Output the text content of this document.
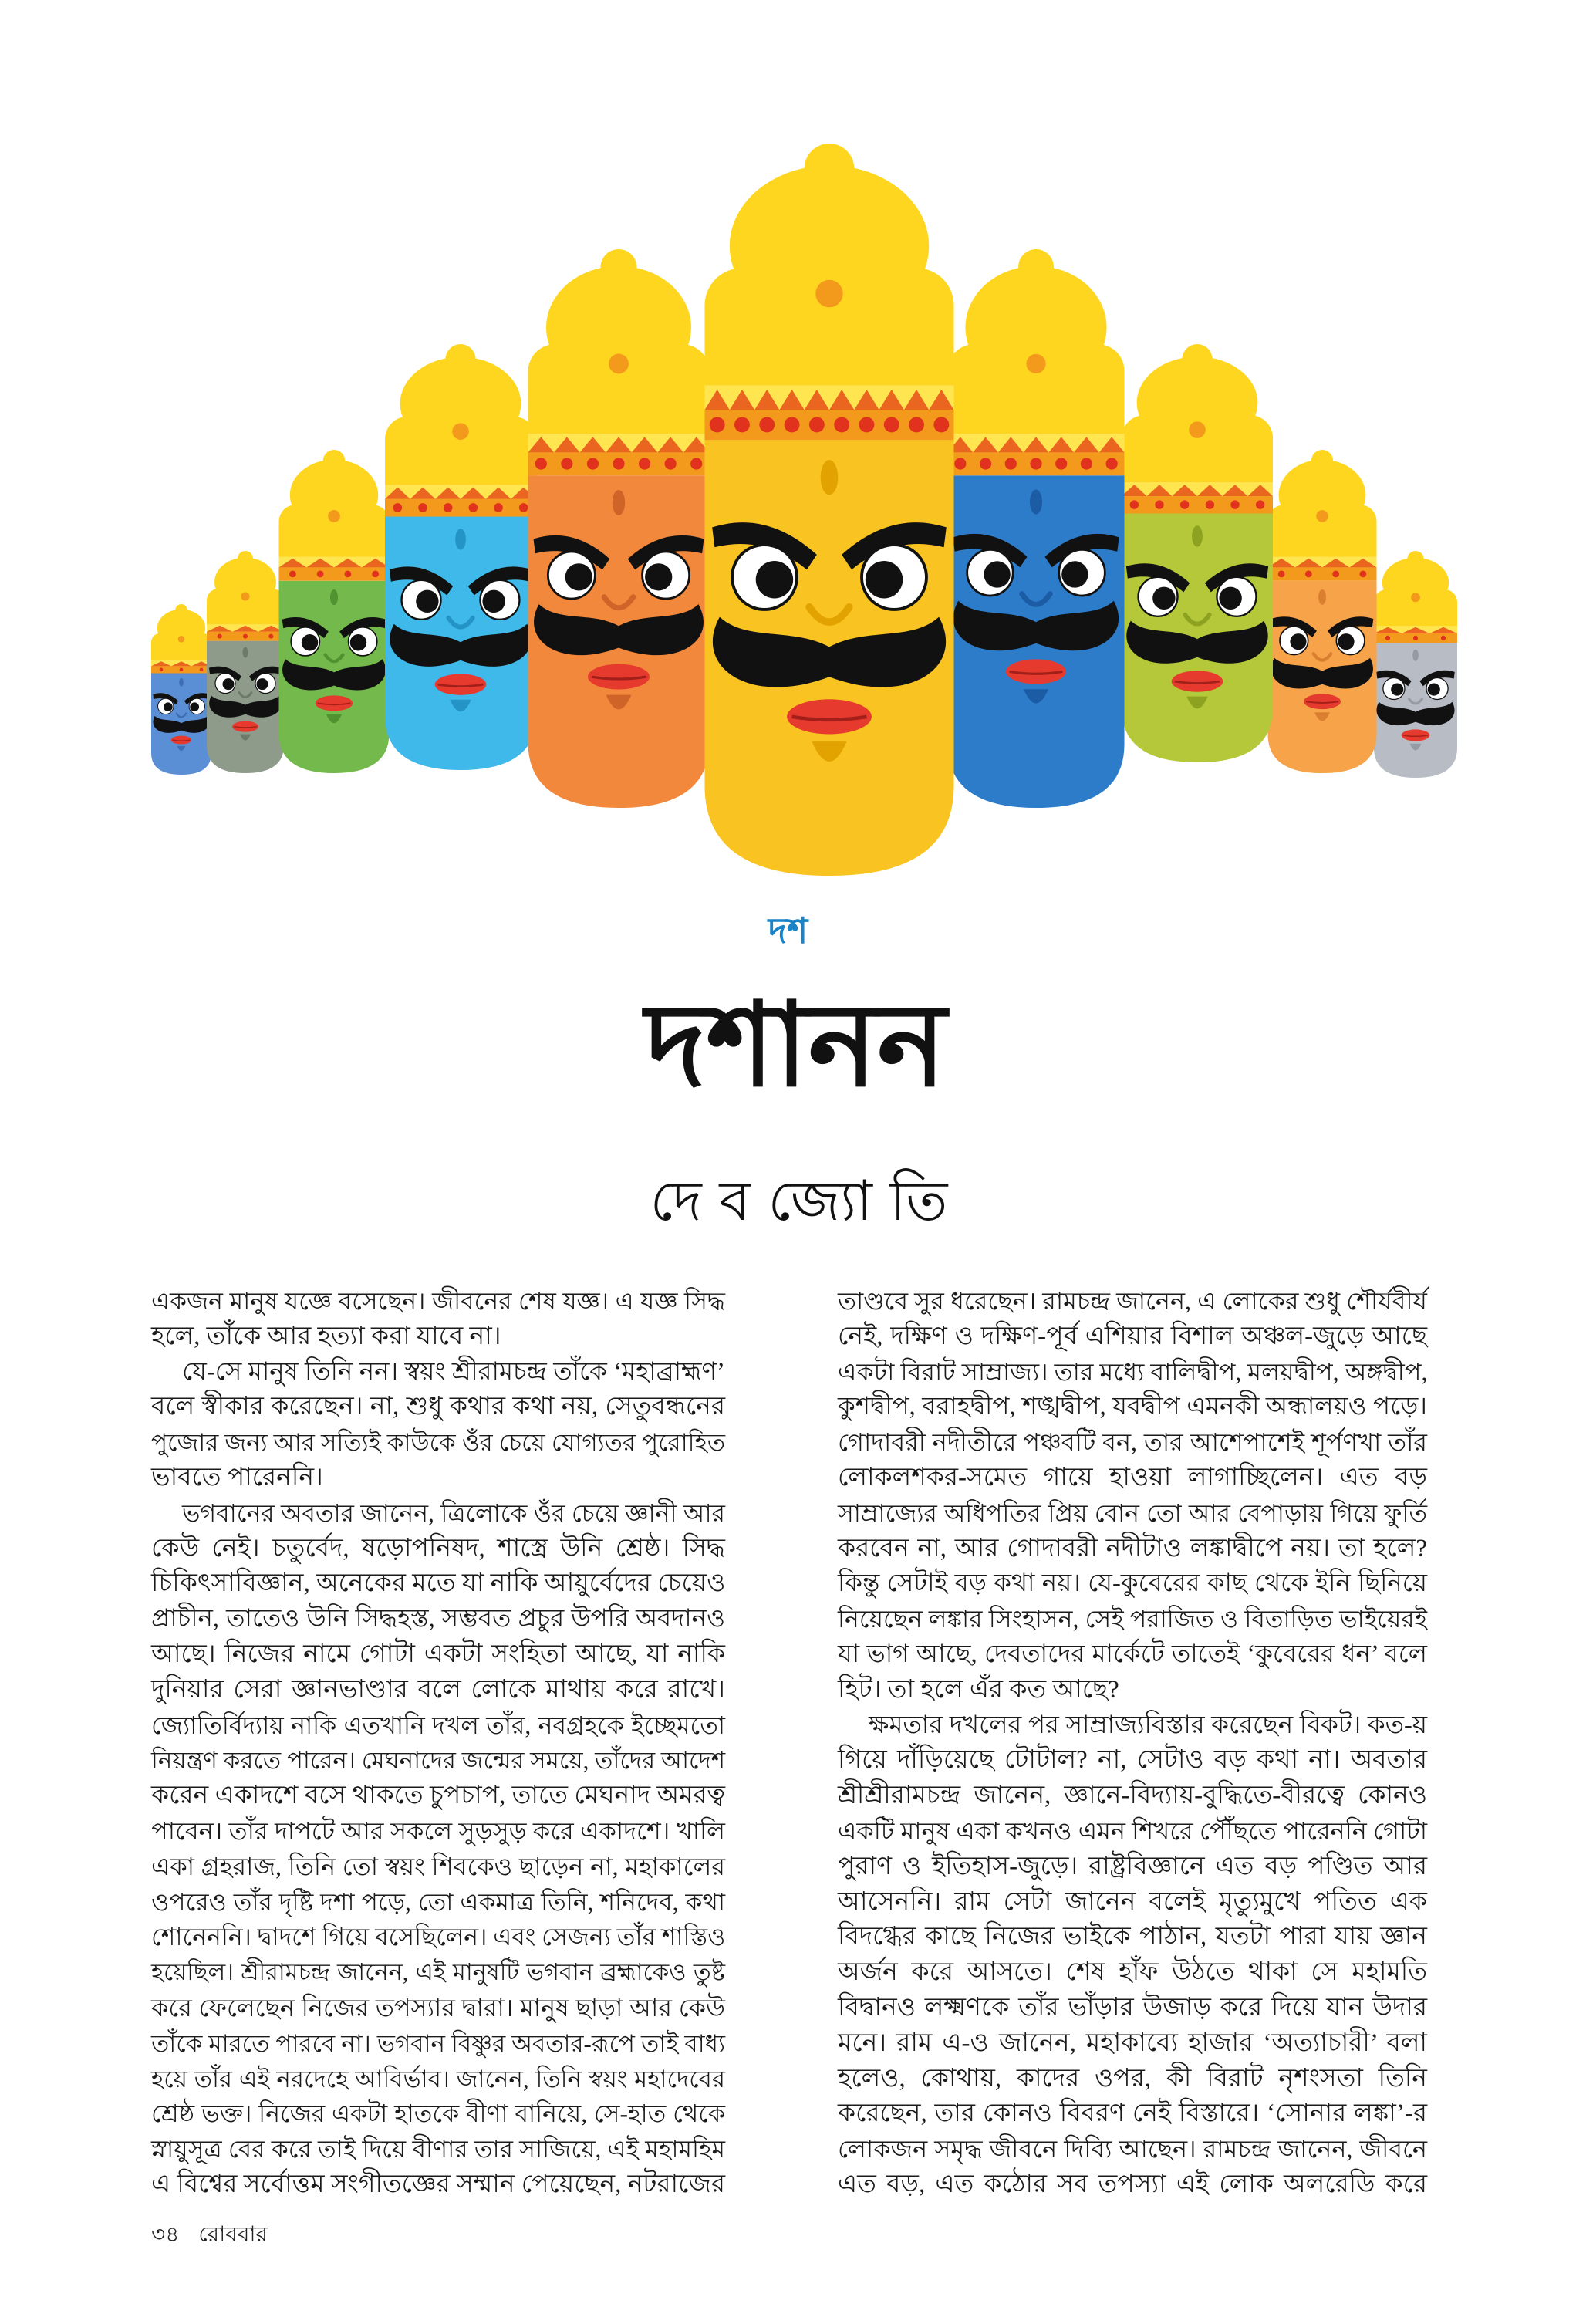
দশ
দশানন
দে ব জ্যো তি
একজন মানুষ যজ্ঞে বসেছেন। জীবনের শেষ যজ্ঞ। এ যজ্ঞ সিদ্ধ
হলে, তাঁকে আর হত্যা করা যাবে না।
যে-সে মানুষ তিনি নন। স্বয়ং শ্রীরামচন্দ্র তাঁকে ‘মহাব্রাহ্মণ’
বলে স্বীকার করেছেন। না, শুধু কথার কথা নয়, সেতুবন্ধনের
পুজোর জন্য আর সত্যিই কাউকে ওঁর চেয়ে যোগ্যতর পুরোহিত
ভাবতে পারেননি।
ভগবানের অবতার জানেন, ত্রিলোকে ওঁর চেয়ে জ্ঞানী আর
কেউ নেই। চতুর্বেদ, ষড়োপনিষদ, শাস্ত্রে উনি শ্রেষ্ঠ। সিদ্ধ
চিকিৎসাবিজ্ঞান, অনেকের মতে যা নাকি আয়ুর্বেদের চেয়েও
প্রাচীন, তাতেও উনি সিদ্ধহস্ত, সম্ভবত প্রচুর উপরি অবদানও
আছে। নিজের নামে গোটা একটা সংহিতা আছে, যা নাকি
দুনিয়ার সেরা জ্ঞানভাণ্ডার বলে লোকে মাথায় করে রাখে।
জ্যোতির্বিদ্যায় নাকি এতখানি দখল তাঁর, নবগ্রহকে ইচ্ছেমতো
নিয়ন্ত্রণ করতে পারেন। মেঘনাদের জন্মের সময়ে, তাঁদের আদেশ
করেন একাদশে বসে থাকতে চুপচাপ, তাতে মেঘনাদ অমরত্ব
পাবেন। তাঁর দাপটে আর সকলে সুড়সুড় করে একাদশে। খালি
একা গ্রহরাজ, তিনি তো স্বয়ং শিবকেও ছাড়েন না, মহাকালের
ওপরেও তাঁর দৃষ্টি দশা পড়ে, তো একমাত্র তিনি, শনিদেব, কথা
শোনেননি। দ্বাদশে গিয়ে বসেছিলেন। এবং সেজন্য তাঁর শাস্তিও
হয়েছিল। শ্রীরামচন্দ্র জানেন, এই মানুষটি ভগবান ব্রহ্মাকেও তুষ্ট
করে ফেলেছেন নিজের তপস্যার দ্বারা। মানুষ ছাড়া আর কেউ
তাঁকে মারতে পারবে না। ভগবান বিষ্ণুর অবতার-রূপে তাই বাধ্য
হয়ে তাঁর এই নরদেহে আবির্ভাব। জানেন, তিনি স্বয়ং মহাদেবের
শ্রেষ্ঠ ভক্ত। নিজের একটা হাতকে বীণা বানিয়ে, সে-হাত থেকে
স্নায়ুসূত্র বের করে তাই দিয়ে বীণার তার সাজিয়ে, এই মহামহিম
এ বিশ্বের সর্বোত্তম সংগীতজ্ঞের সম্মান পেয়েছেন, নটরাজের
তাণ্ডবে সুর ধরেছেন। রামচন্দ্র জানেন, এ লোকের শুধু শৌর্যবীর্য
নেই, দক্ষিণ ও দক্ষিণ-পূর্ব এশিয়ার বিশাল অঞ্চল-জুড়ে আছে
একটা বিরাট সাম্রাজ্য। তার মধ্যে বালিদ্বীপ, মলয়দ্বীপ, অঙ্গদ্বীপ,
কুশদ্বীপ, বরাহদ্বীপ, শঙ্খদ্বীপ, যবদ্বীপ এমনকী অন্ধালয়ও পড়ে।
গোদাবরী নদীতীরে পঞ্চবটি বন, তার আশেপাশেই শূর্পণখা তাঁর
লোকলশকর-সমেত গায়ে হাওয়া লাগাচ্ছিলেন। এত বড়
সাম্রাজ্যের অধিপতির প্রিয় বোন তো আর বেপাড়ায় গিয়ে ফুর্তি
করবেন না, আর গোদাবরী নদীটাও লঙ্কাদ্বীপে নয়। তা হলে?
কিন্তু সেটাই বড় কথা নয়। যে-কুবেরের কাছ থেকে ইনি ছিনিয়ে
নিয়েছেন লঙ্কার সিংহাসন, সেই পরাজিত ও বিতাড়িত ভাইয়েরই
যা ভাগ আছে, দেবতাদের মার্কেটে তাতেই ‘কুবেরের ধন’ বলে
হিট। তা হলে এঁর কত আছে?
ক্ষমতার দখলের পর সাম্রাজ্যবিস্তার করেছেন বিকট। কত-য়
গিয়ে দাঁড়িয়েছে টোটাল? না, সেটাও বড় কথা না। অবতার
শ্রীশ্রীরামচন্দ্র জানেন, জ্ঞানে-বিদ্যায়-বুদ্ধিতে-বীরত্বে কোনও
একটি মানুষ একা কখনও এমন শিখরে পৌঁছতে পারেননি গোটা
পুরাণ ও ইতিহাস-জুড়ে। রাষ্ট্রবিজ্ঞানে এত বড় পণ্ডিত আর
আসেননি। রাম সেটা জানেন বলেই মৃত্যুমুখে পতিত এক
বিদগ্ধের কাছে নিজের ভাইকে পাঠান, যতটা পারা যায় জ্ঞান
অর্জন করে আসতে। শেষ হাঁফ উঠতে থাকা সে মহামতি
বিদ্বানও লক্ষ্মণকে তাঁর ভাঁড়ার উজাড় করে দিয়ে যান উদার
মনে। রাম এ-ও জানেন, মহাকাব্যে হাজার ‘অত্যাচারী’ বলা
হলেও, কোথায়, কাদের ওপর, কী বিরাট নৃশংসতা তিনি
করেছেন, তার কোনও বিবরণ নেই বিস্তারে। ‘সোনার লঙ্কা’-র
লোকজন সমৃদ্ধ জীবনে দিব্যি আছেন। রামচন্দ্র জানেন, জীবনে
এত বড়, এত কঠোর সব তপস্যা এই লোক অলরেডি করে
৩৪ রোববার
